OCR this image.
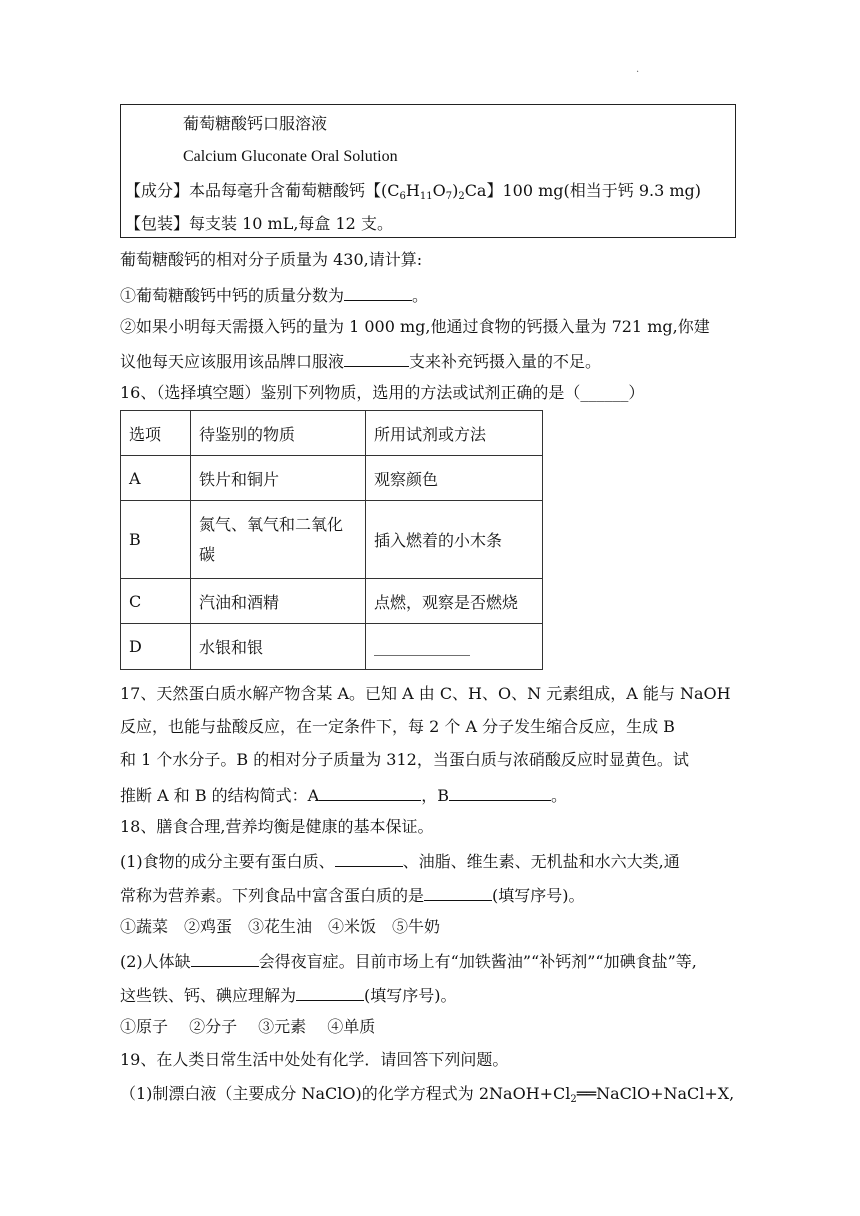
.
葡萄糖酸钙口服溶液
Calcium Gluconate Oral Solution
【成分】本品每毫升含葡萄糖酸钙【$(C_6H_{11}O_7)_2Ca$】100 mg(相当于钙 9.3 mg)
【包装】每支装 10 mL,每盒 12 支。
葡萄糖酸钙的相对分子质量为 430,请计算:
①葡萄糖酸钙中钙的质量分数为	。
②如果小明每天需摄入钙的量为 1 000 mg,他通过食物的钙摄入量为 721 mg,你建
议他每天应该服用该品牌口服液	支来补充钙摄入量的不足。
16、（选择填空题）鉴别下列物质，选用的方法或试剂正确的是（______）
选项	待鉴别的物质	所用试剂或方法
A	铁片和铜片	观察颜色
B	氮气、氧气和二氧化碳	插入燃着的小木条
C	汽油和酒精	点燃，观察是否燃烧
D	水银和银	____________
17、天然蛋白质水解产物含某 A。已知 A 由 C、H、O、N 元素组成，A 能与 NaOH
反应，也能与盐酸反应，在一定条件下，每 2 个 A 分子发生缩合反应，生成 B
和 1 个水分子。B 的相对分子质量为 312，当蛋白质与浓硝酸反应时显黄色。试
推断 A 和 B 的结构简式：A	，B	。
18、膳食合理,营养均衡是健康的基本保证。
(1)食物的成分主要有蛋白质、	、油脂、维生素、无机盐和水六大类,通
常称为营养素。下列食品中富含蛋白质的是	(填写序号)。
①蔬菜　②鸡蛋　③花生油　④米饭　⑤牛奶
(2)人体缺	会得夜盲症。目前市场上有“加铁酱油”“补钙剂”“加碘食盐”等,
这些铁、钙、碘应理解为	(填写序号)。
①原子　 ②分子　 ③元素　 ④单质
19、在人类日常生活中处处有化学．请回答下列问题。
（1)制漂白液（主要成分 NaClO)的化学方程式为 $2NaOH+Cl_2══NaClO+NaCl+X$,
